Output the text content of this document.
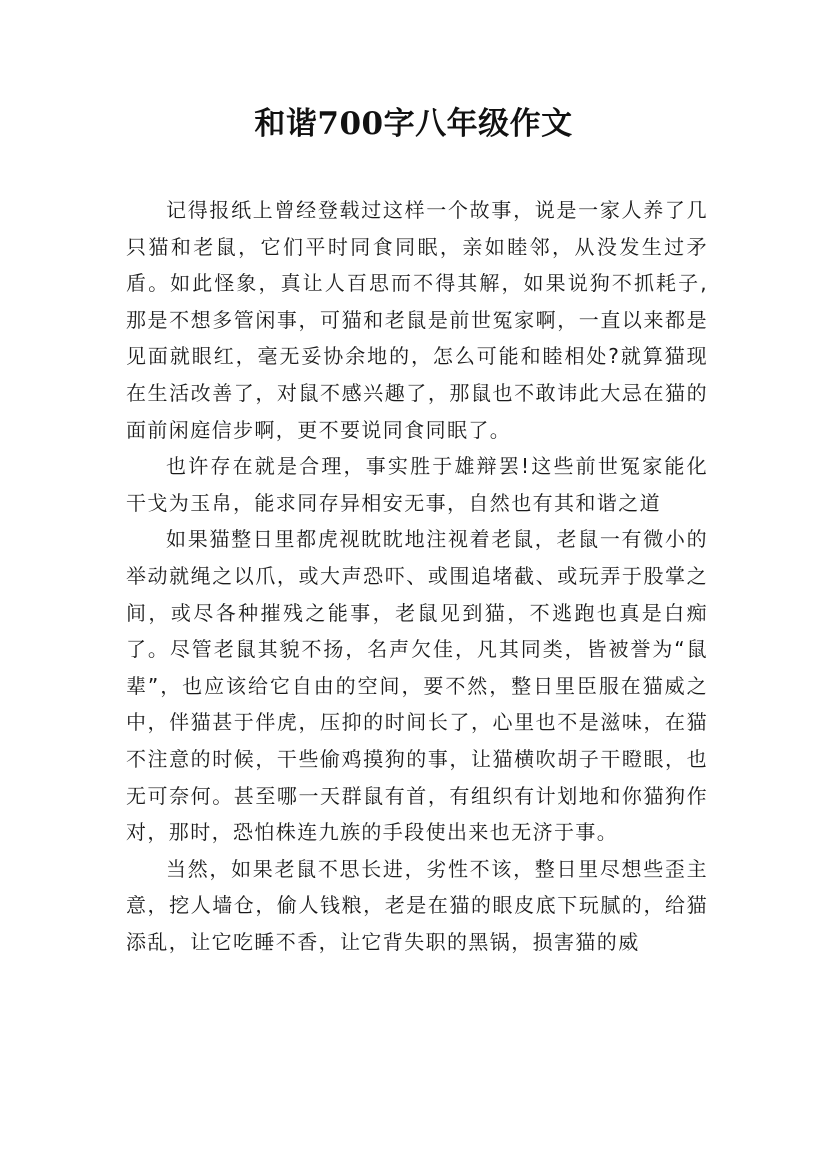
和谐700字八年级作文

记得报纸上曾经登载过这样一个故事，说是一家人养了几只猫和老鼠，它们平时同食同眠，亲如睦邻，从没发生过矛盾。如此怪象，真让人百思而不得其解，如果说狗不抓耗子,那是不想多管闲事，可猫和老鼠是前世冤家啊，一直以来都是见面就眼红，毫无妥协余地的，怎么可能和睦相处?就算猫现在生活改善了，对鼠不感兴趣了，那鼠也不敢讳此大忌在猫的面前闲庭信步啊，更不要说同食同眠了。

也许存在就是合理，事实胜于雄辩罢!这些前世冤家能化干戈为玉帛，能求同存异相安无事，自然也有其和谐之道

如果猫整日里都虎视眈眈地注视着老鼠，老鼠一有微小的举动就绳之以爪，或大声恐吓、或围追堵截、或玩弄于股掌之间，或尽各种摧残之能事，老鼠见到猫，不逃跑也真是白痴了。尽管老鼠其貌不扬，名声欠佳，凡其同类，皆被誉为“鼠辈”，也应该给它自由的空间，要不然，整日里臣服在猫威之中，伴猫甚于伴虎，压抑的时间长了，心里也不是滋味，在猫不注意的时候，干些偷鸡摸狗的事，让猫横吹胡子干瞪眼，也无可奈何。甚至哪一天群鼠有首，有组织有计划地和你猫狗作对，那时，恐怕株连九族的手段使出来也无济于事。

当然，如果老鼠不思长进，劣性不该，整日里尽想些歪主意，挖人墙仓，偷人钱粮，老是在猫的眼皮底下玩腻的，给猫添乱，让它吃睡不香，让它背失职的黑锅，损害猫的威
